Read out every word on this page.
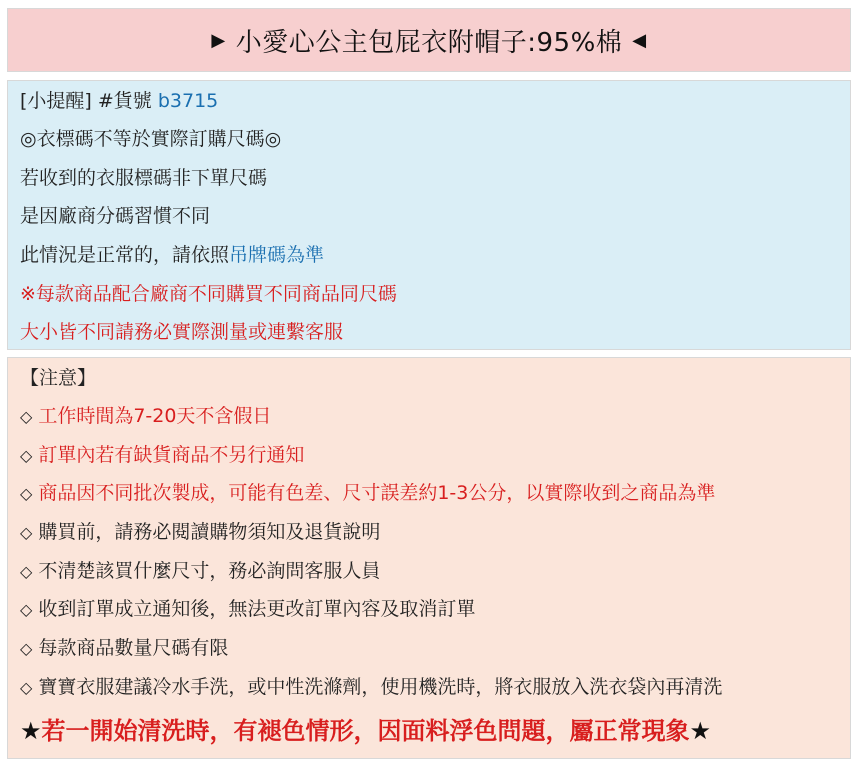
▶ 小愛心公主包屁衣附帽子:95%棉 ◀
[小提醒] #貨號 b3715
◎衣標碼不等於實際訂購尺碼◎
若收到的衣服標碼非下單尺碼
是因廠商分碼習慣不同
此情況是正常的，請依照吊牌碼為準
※每款商品配合廠商不同購買不同商品同尺碼
大小皆不同請務必實際測量或連繫客服
【注意】
◇ 工作時間為7-20天不含假日
◇ 訂單內若有缺貨商品不另行通知
◇ 商品因不同批次製成，可能有色差、尺寸誤差約1-3公分，以實際收到之商品為準
◇ 購買前，請務必閱讀購物須知及退貨說明
◇ 不清楚該買什麼尺寸，務必詢問客服人員
◇ 收到訂單成立通知後，無法更改訂單內容及取消訂單
◇ 每款商品數量尺碼有限
◇ 寶寶衣服建議冷水手洗，或中性洗滌劑，使用機洗時，將衣服放入洗衣袋內再清洗
★若一開始清洗時，有褪色情形，因面料浮色問題，屬正常現象★
